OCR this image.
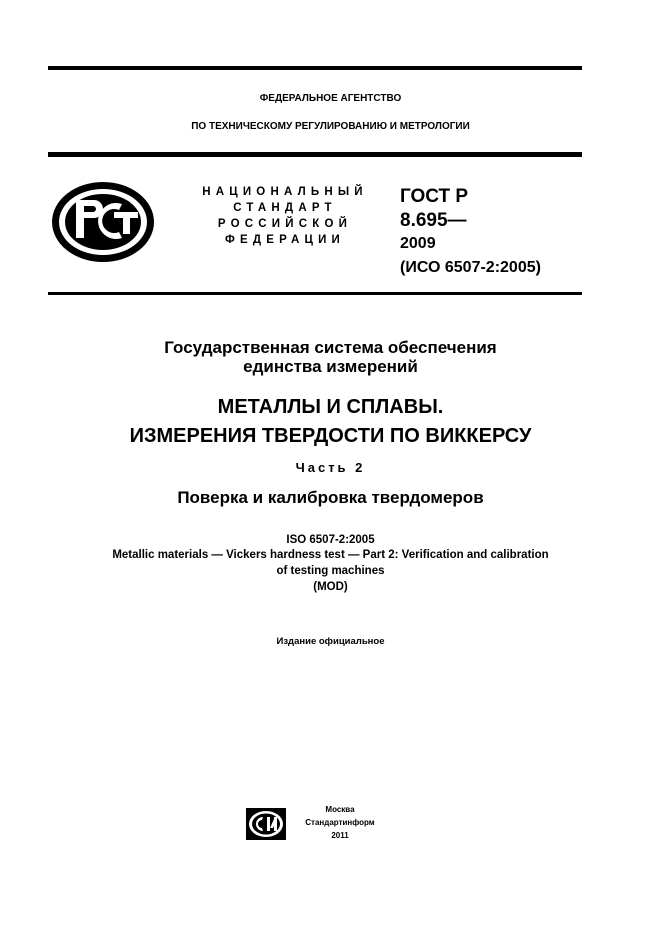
ФЕДЕРАЛЬНОЕ АГЕНТСТВО
ПО ТЕХНИЧЕСКОМУ РЕГУЛИРОВАНИЮ И МЕТРОЛОГИИ
НАЦИОНАЛЬНЫЙ
СТАНДАРТ
РОССИЙСКОЙ
ФЕДЕРАЦИИ
ГОСТ Р
8.695—
2009
(ИСО 6507-2:2005)
Государственная система обеспечения
единства измерений
МЕТАЛЛЫ И СПЛАВЫ.
ИЗМЕРЕНИЯ ТВЕРДОСТИ ПО ВИККЕРСУ
Часть 2
Поверка и калибровка твердомеров
ISO 6507-2:2005
Metallic materials — Vickers hardness test — Part 2: Verification and calibration
of testing machines
(MOD)
Издание официальное
Москва
Стандартинформ
2011
